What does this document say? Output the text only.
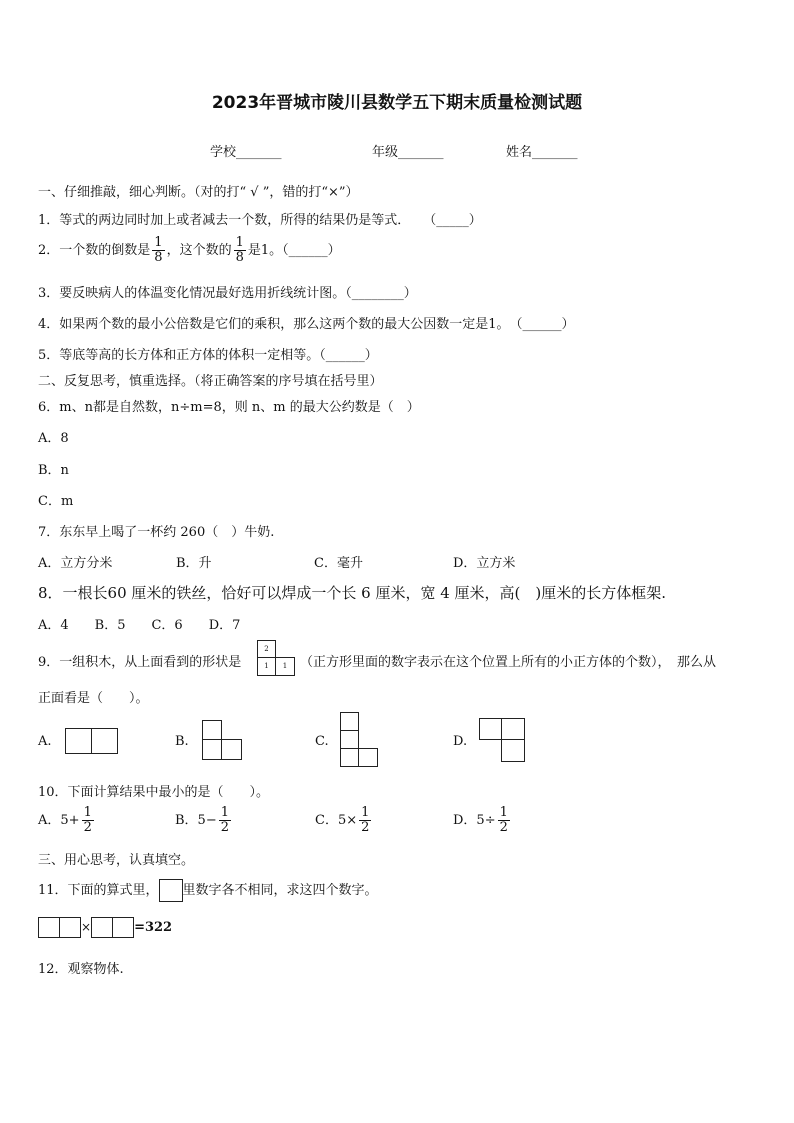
2023年晋城市陵川县数学五下期末质量检测试题
学校_______	年级_______	姓名_______
一、仔细推敲，细心判断。（对的打“ √ ”，错的打“×”）
1．等式的两边同时加上或者减去一个数，所得的结果仍是等式．　　（_____）
2．一个数的倒数是 $\frac{1}{8}$ ，这个数的 $\frac{1}{8}$ 是1。（______）
3．要反映病人的体温变化情况最好选用折线统计图。（________）
4．如果两个数的最小公倍数是它们的乘积，那么这两个数的最大公因数一定是1。　（______）
5．等底等高的长方体和正方体的体积一定相等。（______）
二、反复思考，慎重选择。（将正确答案的序号填在括号里）
6．m、n都是自然数，n÷m=8，则 n、m 的最大公约数是（　）
A．8
B．n
C．m
7．东东早上喝了一杯约 260（　）牛奶.
A．立方分米	B．升	C．毫升	D．立方米
8．一根长60 厘米的铁丝，恰好可以焊成一个长 6 厘米，宽 4 厘米，高(　)厘米的长方体框架.
A．4　　B．5　　C．6　　D．7
9．一组积木，从上面看到的形状是
2
1	1 （正方形里面的数字表示在这个位置上所有的小正方体的个数），　那么从
正面看是（　　）。
A.	B.	C.	D.
10．下面计算结果中最小的是（　　）。
A．$5+ \frac{1}{2}$	B．$5- \frac{1}{2}$	C．$5\times \frac{1}{2}$	D．$5\div \frac{1}{2}$
三、用心思考，认真填空。
11．下面的算式里， 里数字各不相同，求这四个数字。
×	=322
12．观察物体.
